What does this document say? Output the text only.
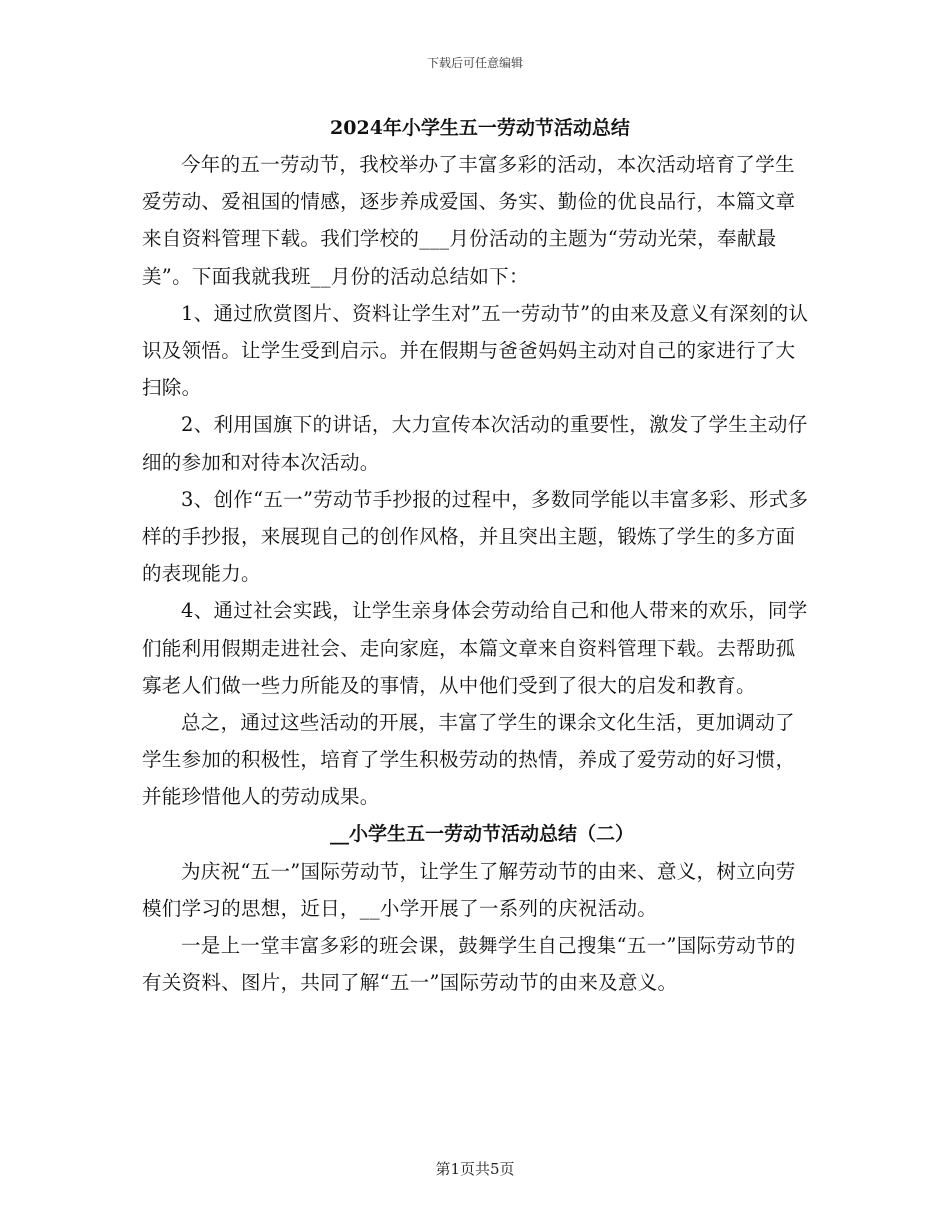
下载后可任意编辑
2024年小学生五一劳动节活动总结

今年的五一劳动节，我校举办了丰富多彩的活动，本次活动培育了学生爱劳动、爱祖国的情感，逐步养成爱国、务实、勤俭的优良品行，本篇文章来自资料管理下载。我们学校的___月份活动的主题为“劳动光荣，奉献最美”。下面我就我班__月份的活动总结如下：

1、通过欣赏图片、资料让学生对”五一劳动节”的由来及意义有深刻的认识及领悟。让学生受到启示。并在假期与爸爸妈妈主动对自己的家进行了大扫除。

2、利用国旗下的讲话，大力宣传本次活动的重要性，激发了学生主动仔细的参加和对待本次活动。

3、创作“五一”劳动节手抄报的过程中，多数同学能以丰富多彩、形式多样的手抄报，来展现自己的创作风格，并且突出主题，锻炼了学生的多方面的表现能力。

4、通过社会实践，让学生亲身体会劳动给自己和他人带来的欢乐，同学们能利用假期走进社会、走向家庭，本篇文章来自资料管理下载。去帮助孤寡老人们做一些力所能及的事情，从中他们受到了很大的启发和教育。

总之，通过这些活动的开展，丰富了学生的课余文化生活，更加调动了学生参加的积极性，培育了学生积极劳动的热情，养成了爱劳动的好习惯，并能珍惜他人的劳动成果。

__小学生五一劳动节活动总结（二）

为庆祝“五一”国际劳动节，让学生了解劳动节的由来、意义，树立向劳模们学习的思想，近日，__小学开展了一系列的庆祝活动。

一是上一堂丰富多彩的班会课，鼓舞学生自己搜集“五一”国际劳动节的有关资料、图片，共同了解“五一”国际劳动节的由来及意义。

第1页共5页
